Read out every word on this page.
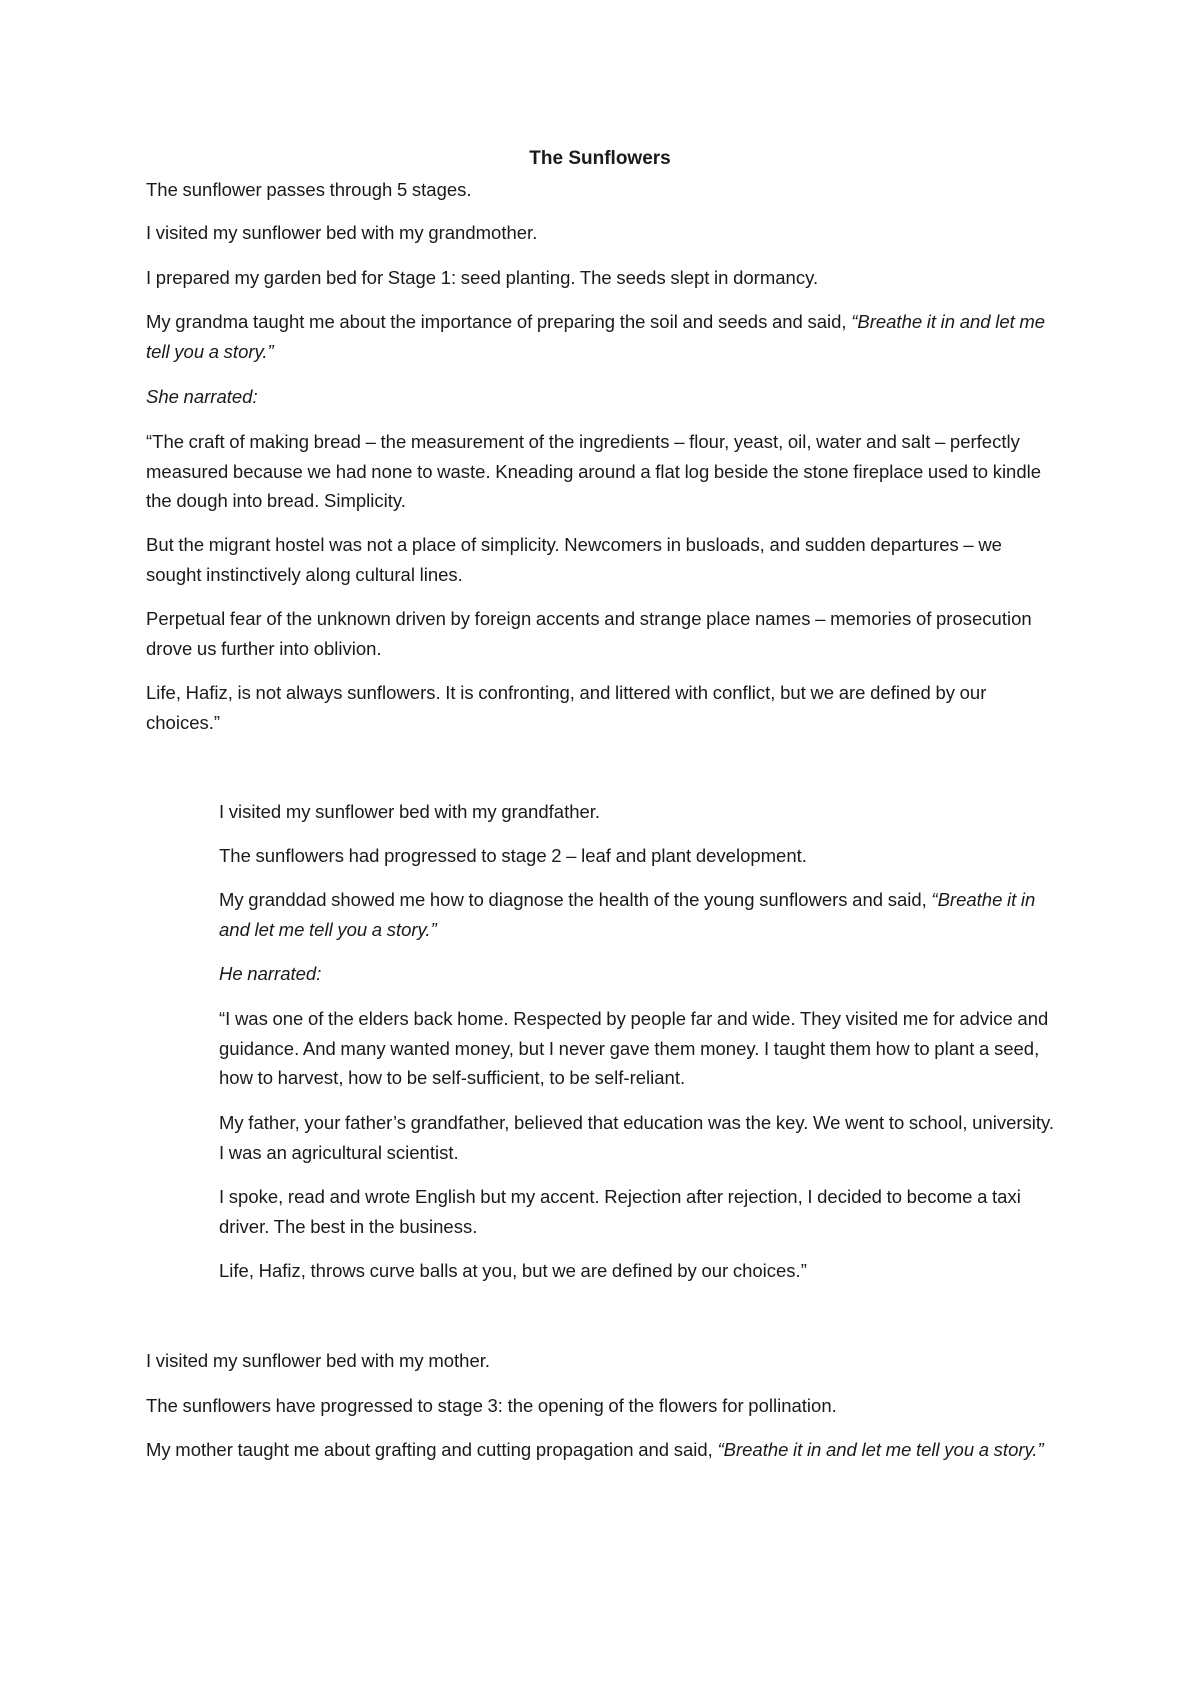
The Sunflowers

The sunflower passes through 5 stages.

I visited my sunflower bed with my grandmother.

I prepared my garden bed for Stage 1: seed planting. The seeds slept in dormancy.

My grandma taught me about the importance of preparing the soil and seeds and said, “Breathe it in and let me tell you a story.”

She narrated:

“The craft of making bread – the measurement of the ingredients – flour, yeast, oil, water and salt – perfectly measured because we had none to waste. Kneading around a flat log beside the stone fireplace used to kindle the dough into bread. Simplicity.

But the migrant hostel was not a place of simplicity. Newcomers in busloads, and sudden departures – we sought instinctively along cultural lines.

Perpetual fear of the unknown driven by foreign accents and strange place names – memories of prosecution drove us further into oblivion.

Life, Hafiz, is not always sunflowers. It is confronting, and littered with conflict, but we are defined by our choices.”

I visited my sunflower bed with my grandfather.

The sunflowers had progressed to stage 2 – leaf and plant development.

My granddad showed me how to diagnose the health of the young sunflowers and said, “Breathe it in and let me tell you a story.”

He narrated:

“I was one of the elders back home. Respected by people far and wide. They visited me for advice and guidance. And many wanted money, but I never gave them money. I taught them how to plant a seed, how to harvest, how to be self-sufficient, to be self-reliant.

My father, your father’s grandfather, believed that education was the key. We went to school, university. I was an agricultural scientist.

I spoke, read and wrote English but my accent. Rejection after rejection, I decided to become a taxi driver. The best in the business.

Life, Hafiz, throws curve balls at you, but we are defined by our choices.”

I visited my sunflower bed with my mother.

The sunflowers have progressed to stage 3: the opening of the flowers for pollination.

My mother taught me about grafting and cutting propagation and said, “Breathe it in and let me tell you a story.”
